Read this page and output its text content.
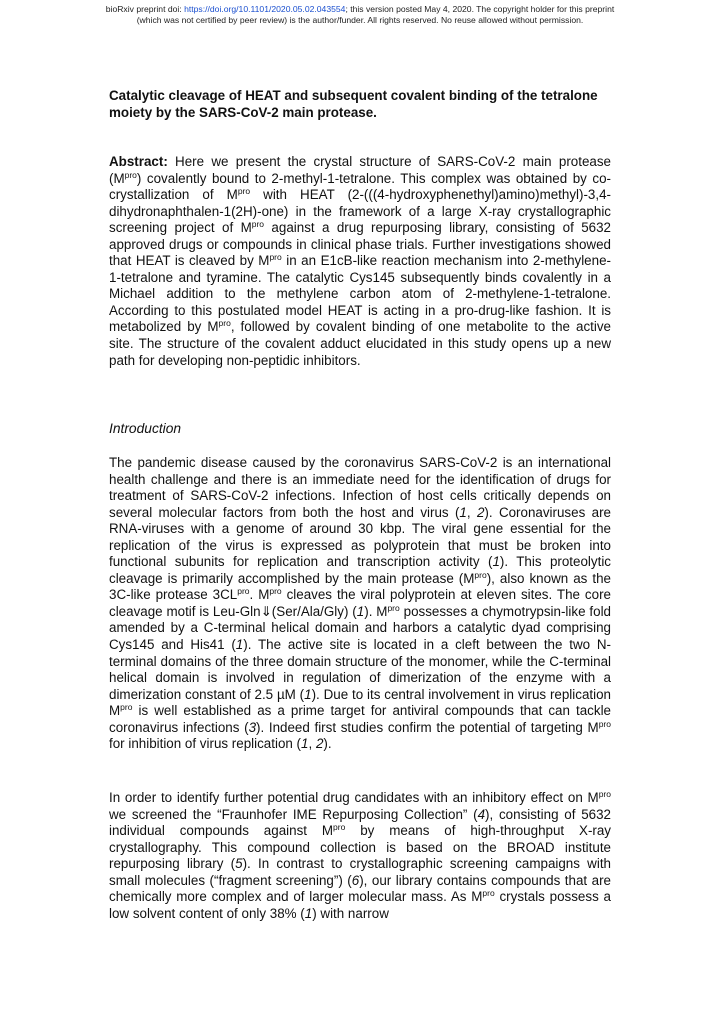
bioRxiv preprint doi: https://doi.org/10.1101/2020.05.02.043554; this version posted May 4, 2020. The copyright holder for this preprint
(which was not certified by peer review) is the author/funder. All rights reserved. No reuse allowed without permission.
Catalytic cleavage of HEAT and subsequent covalent binding of the tetralone moiety by the SARS-CoV-2 main protease.
Abstract: Here we present the crystal structure of SARS-CoV-2 main protease $(M^{pro})$ covalently bound to 2-methyl-1-tetralone. This complex was obtained by co-crystallization of $M^{pro}$ with HEAT (2-(((4-hydroxyphenethyl)amino)methyl)-3,4-dihydronaphthalen-1(2H)-one) in the framework of a large X-ray crystallographic screening project of $M^{pro}$ against a drug repurposing library, consisting of 5632 approved drugs or compounds in clinical phase trials. Further investigations showed that HEAT is cleaved by $M^{pro}$ in an E1cB-like reaction mechanism into 2-methylene-1-tetralone and tyramine. The catalytic Cys145 subsequently binds covalently in a Michael addition to the methylene carbon atom of 2-methylene-1-tetralone. According to this postulated model HEAT is acting in a pro-drug-like fashion. It is metabolized by $M^{pro}$, followed by covalent binding of one metabolite to the active site. The structure of the covalent adduct elucidated in this study opens up a new path for developing non-peptidic inhibitors.
Introduction
The pandemic disease caused by the coronavirus SARS-CoV-2 is an international health challenge and there is an immediate need for the identification of drugs for treatment of SARS-CoV-2 infections. Infection of host cells critically depends on several molecular factors from both the host and virus (1, 2). Coronaviruses are RNA-viruses with a genome of around 30 kbp. The viral gene essential for the replication of the virus is expressed as polyprotein that must be broken into functional subunits for replication and transcription activity (1). This proteolytic cleavage is primarily accomplished by the main protease $(M^{pro})$, also known as the 3C-like protease $3CL^{pro}$. $M^{pro}$ cleaves the viral polyprotein at eleven sites. The core cleavage motif is Leu-Gln⇓(Ser/Ala/Gly) (1). $M^{pro}$ possesses a chymotrypsin-like fold amended by a C-terminal helical domain and harbors a catalytic dyad comprising Cys145 and His41 (1). The active site is located in a cleft between the two N-terminal domains of the three domain structure of the monomer, while the C-terminal helical domain is involved in regulation of dimerization of the enzyme with a dimerization constant of 2.5 µM (1). Due to its central involvement in virus replication $M^{pro}$ is well established as a prime target for antiviral compounds that can tackle coronavirus infections (3). Indeed first studies confirm the potential of targeting $M^{pro}$ for inhibition of virus replication (1, 2).
In order to identify further potential drug candidates with an inhibitory effect on $M^{pro}$ we screened the “Fraunhofer IME Repurposing Collection” (4), consisting of 5632 individual compounds against $M^{pro}$ by means of high-throughput X-ray crystallography. This compound collection is based on the BROAD institute repurposing library (5). In contrast to crystallographic screening campaigns with small molecules (“fragment screening”) (6), our library contains compounds that are chemically more complex and of larger molecular mass. As $M^{pro}$ crystals possess a low solvent content of only 38% (1) with narrow
